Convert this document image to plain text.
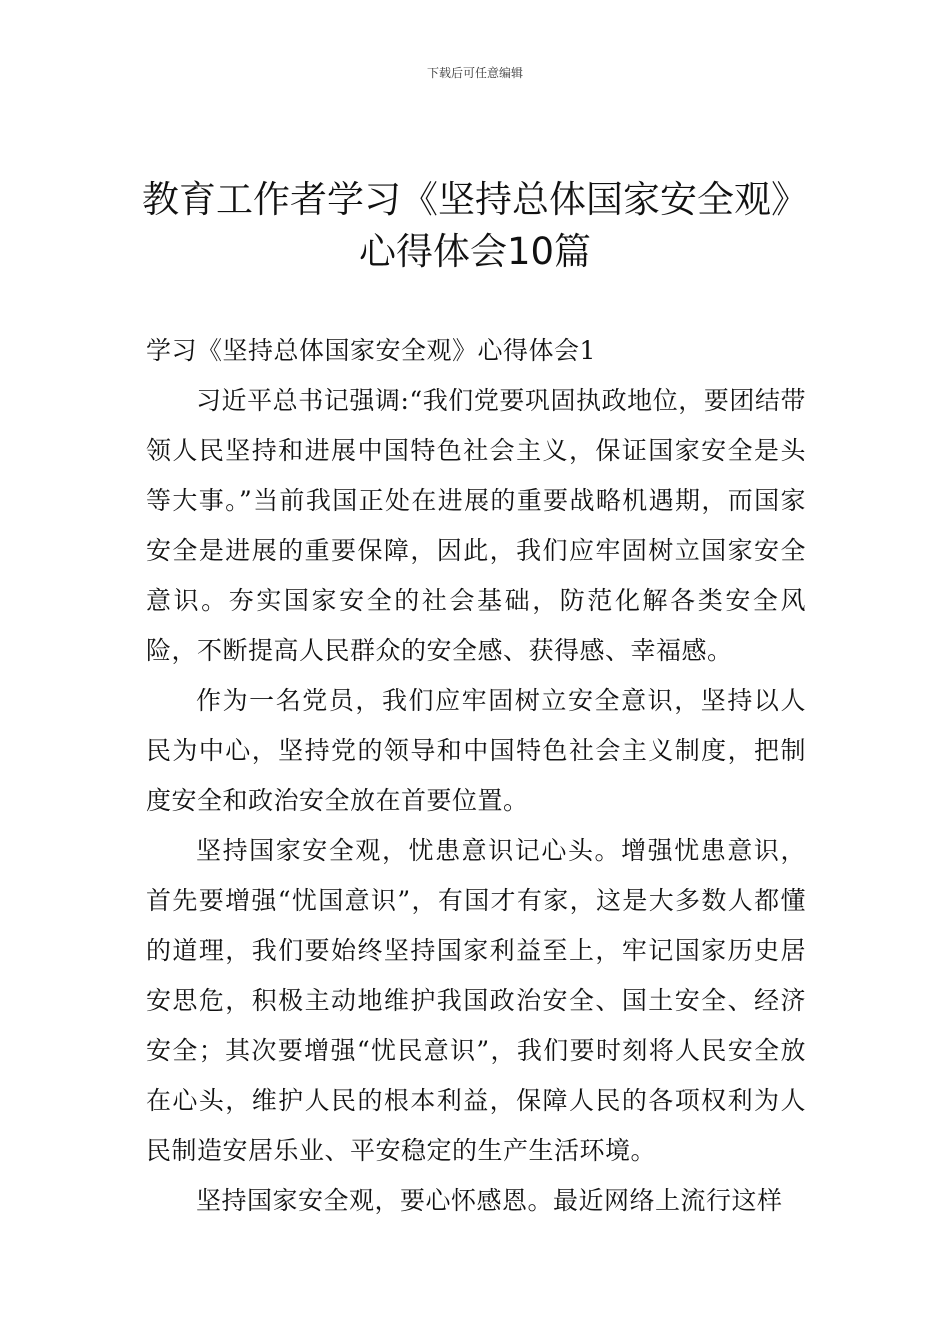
下载后可任意编辑
教育工作者学习《坚持总体国家安全观》
心得体会10篇

学习《坚持总体国家安全观》心得体会1

习近平总书记强调:“我们党要巩固执政地位，要团结带领人民坚持和进展中国特色社会主义，保证国家安全是头等大事。”当前我国正处在进展的重要战略机遇期，而国家安全是进展的重要保障，因此，我们应牢固树立国家安全意识。夯实国家安全的社会基础，防范化解各类安全风险，不断提高人民群众的安全感、获得感、幸福感。

作为一名党员，我们应牢固树立安全意识，坚持以人民为中心，坚持党的领导和中国特色社会主义制度，把制度安全和政治安全放在首要位置。

坚持国家安全观，忧患意识记心头。增强忧患意识，首先要增强“忧国意识”，有国才有家，这是大多数人都懂的道理，我们要始终坚持国家利益至上，牢记国家历史居安思危，积极主动地维护我国政治安全、国土安全、经济安全；其次要增强“忧民意识”，我们要时刻将人民安全放在心头，维护人民的根本利益，保障人民的各项权利为人民制造安居乐业、平安稳定的生产生活环境。

坚持国家安全观，要心怀感恩。最近网络上流行这样
